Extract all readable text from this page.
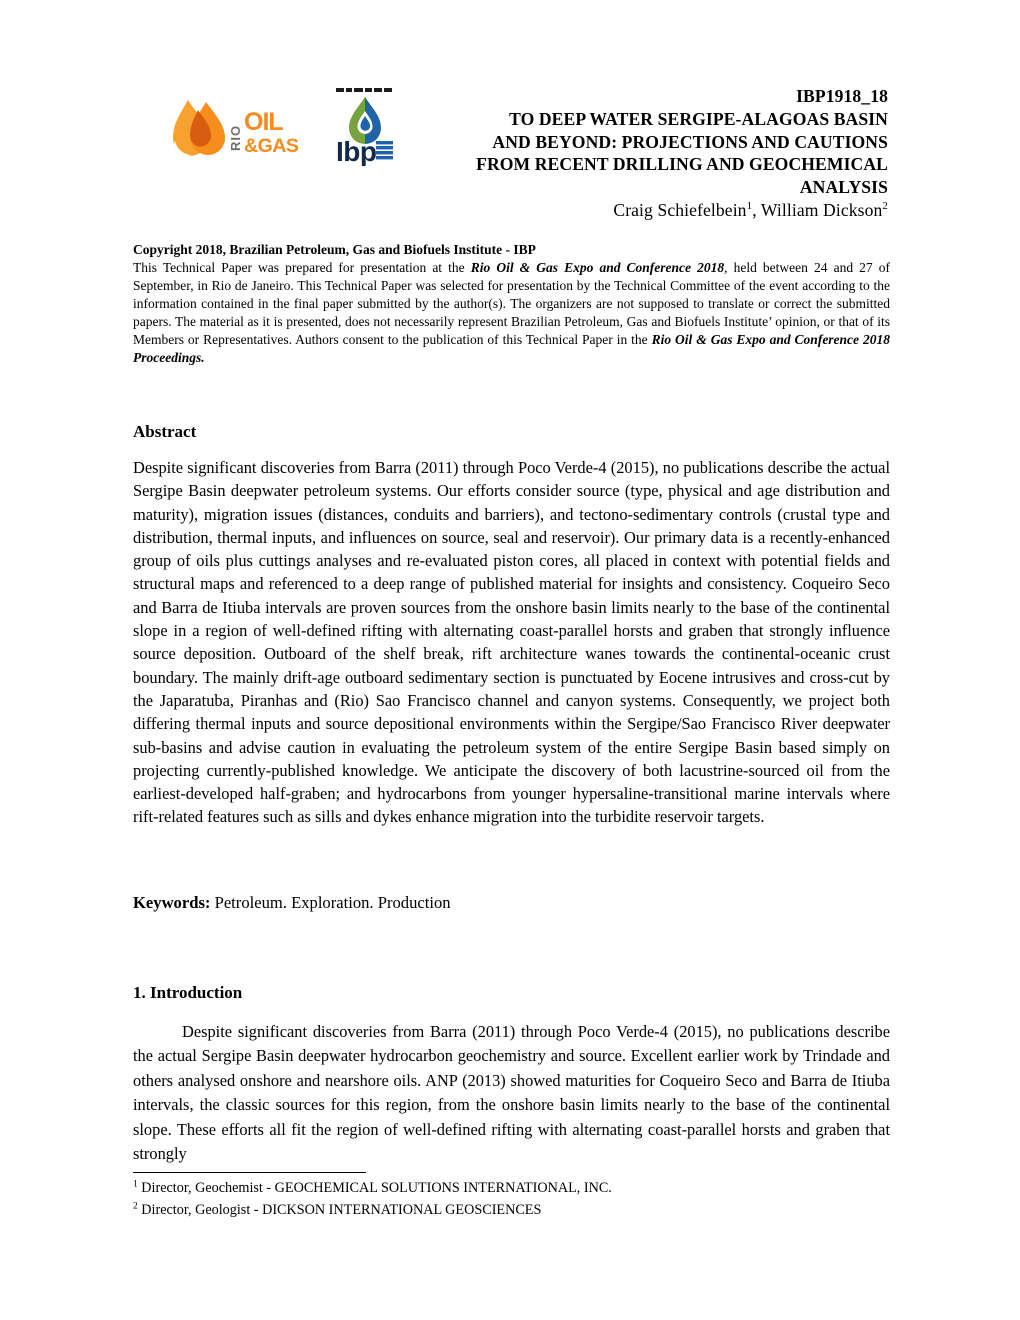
RIO
OIL
&GAS Ibp
IBP1918_18
TO DEEP WATER SERGIPE-ALAGOAS BASIN
AND BEYOND: PROJECTIONS AND CAUTIONS
FROM RECENT DRILLING AND GEOCHEMICAL
ANALYSIS
Craig Schiefelbein$^1$, William Dickson$^2$
Copyright 2018, Brazilian Petroleum, Gas and Biofuels Institute - IBP
This Technical Paper was prepared for presentation at the Rio Oil & Gas Expo and Conference 2018, held between 24 and 27 of September, in Rio de Janeiro. This Technical Paper was selected for presentation by the Technical Committee of the event according to the information contained in the final paper submitted by the author(s). The organizers are not supposed to translate or correct the submitted papers. The material as it is presented, does not necessarily represent Brazilian Petroleum, Gas and Biofuels Institute’ opinion, or that of its Members or Representatives. Authors consent to the publication of this Technical Paper in the Rio Oil & Gas Expo and Conference 2018 Proceedings.
Abstract
Despite significant discoveries from Barra (2011) through Poco Verde-4 (2015), no publications describe the actual Sergipe Basin deepwater petroleum systems. Our efforts consider source (type, physical and age distribution and maturity), migration issues (distances, conduits and barriers), and tectono-sedimentary controls (crustal type and distribution, thermal inputs, and influences on source, seal and reservoir). Our primary data is a recently-enhanced group of oils plus cuttings analyses and re-evaluated piston cores, all placed in context with potential fields and structural maps and referenced to a deep range of published material for insights and consistency. Coqueiro Seco and Barra de Itiuba intervals are proven sources from the onshore basin limits nearly to the base of the continental slope in a region of well-defined rifting with alternating coast-parallel horsts and graben that strongly influence source deposition. Outboard of the shelf break, rift architecture wanes towards the continental-oceanic crust boundary. The mainly drift-age outboard sedimentary section is punctuated by Eocene intrusives and cross-cut by the Japaratuba, Piranhas and (Rio) Sao Francisco channel and canyon systems. Consequently, we project both differing thermal inputs and source depositional environments within the Sergipe/Sao Francisco River deepwater sub-basins and advise caution in evaluating the petroleum system of the entire Sergipe Basin based simply on projecting currently-published knowledge. We anticipate the discovery of both lacustrine-sourced oil from the earliest-developed half-graben; and hydrocarbons from younger hypersaline-transitional marine intervals where rift-related features such as sills and dykes enhance migration into the turbidite reservoir targets.
Keywords: Petroleum. Exploration. Production
1. Introduction
Despite significant discoveries from Barra (2011) through Poco Verde-4 (2015), no publications describe the actual Sergipe Basin deepwater hydrocarbon geochemistry and source. Excellent earlier work by Trindade and others analysed onshore and nearshore oils. ANP (2013) showed maturities for Coqueiro Seco and Barra de Itiuba intervals, the classic sources for this region, from the onshore basin limits nearly to the base of the continental slope. These efforts all fit the region of well-defined rifting with alternating coast-parallel horsts and graben that strongly
$^1$ Director, Geochemist - GEOCHEMICAL SOLUTIONS INTERNATIONAL, INC.
$^2$ Director, Geologist - DICKSON INTERNATIONAL GEOSCIENCES
